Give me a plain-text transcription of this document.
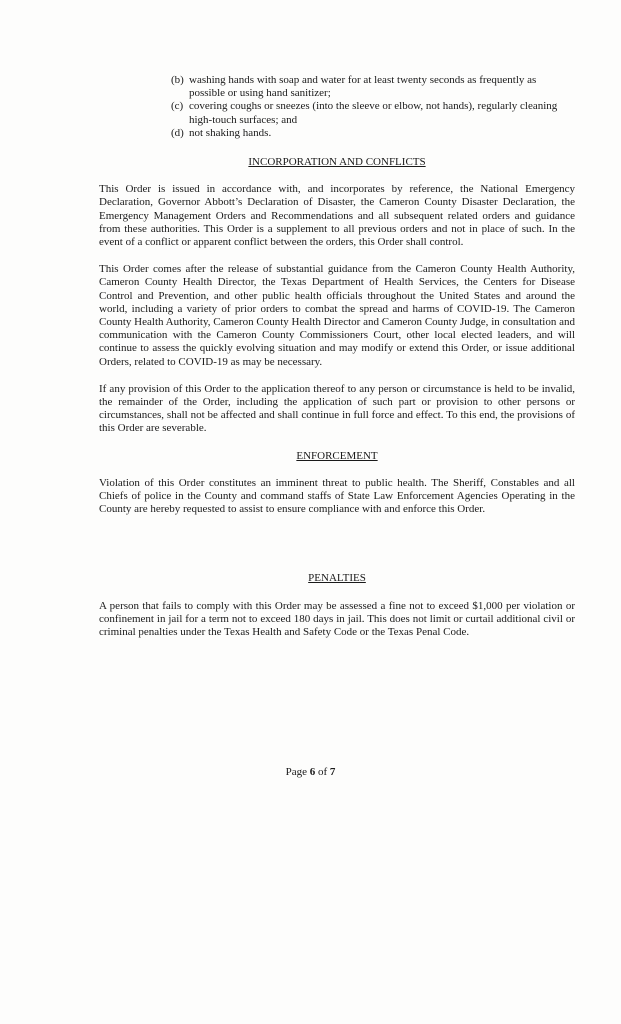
(b) washing hands with soap and water for at least twenty seconds as frequently as possible or using hand sanitizer;
(c) covering coughs or sneezes (into the sleeve or elbow, not hands), regularly cleaning high-touch surfaces; and
(d) not shaking hands.
INCORPORATION AND CONFLICTS

This Order is issued in accordance with, and incorporates by reference, the National Emergency Declaration, Governor Abbott’s Declaration of Disaster, the Cameron County Disaster Declaration, the Emergency Management Orders and Recommendations and all subsequent related orders and guidance from these authorities. This Order is a supplement to all previous orders and not in place of such. In the event of a conflict or apparent conflict between the orders, this Order shall control.

This Order comes after the release of substantial guidance from the Cameron County Health Authority, Cameron County Health Director, the Texas Department of Health Services, the Centers for Disease Control and Prevention, and other public health officials throughout the United States and around the world, including a variety of prior orders to combat the spread and harms of COVID-19. The Cameron County Health Authority, Cameron County Health Director and Cameron County Judge, in consultation and communication with the Cameron County Commissioners Court, other local elected leaders, and will continue to assess the quickly evolving situation and may modify or extend this Order, or issue additional Orders, related to COVID-19 as may be necessary.

If any provision of this Order to the application thereof to any person or circumstance is held to be invalid, the remainder of the Order, including the application of such part or provision to other persons or circumstances, shall not be affected and shall continue in full force and effect. To this end, the provisions of this Order are severable.

ENFORCEMENT

Violation of this Order constitutes an imminent threat to public health. The Sheriff, Constables and all Chiefs of police in the County and command staffs of State Law Enforcement Agencies Operating in the County are hereby requested to assist to ensure compliance with and enforce this Order.

PENALTIES

A person that fails to comply with this Order may be assessed a fine not to exceed $1,000 per violation or confinement in jail for a term not to exceed 180 days in jail. This does not limit or curtail additional civil or criminal penalties under the Texas Health and Safety Code or the Texas Penal Code.

Page 6 of 7
